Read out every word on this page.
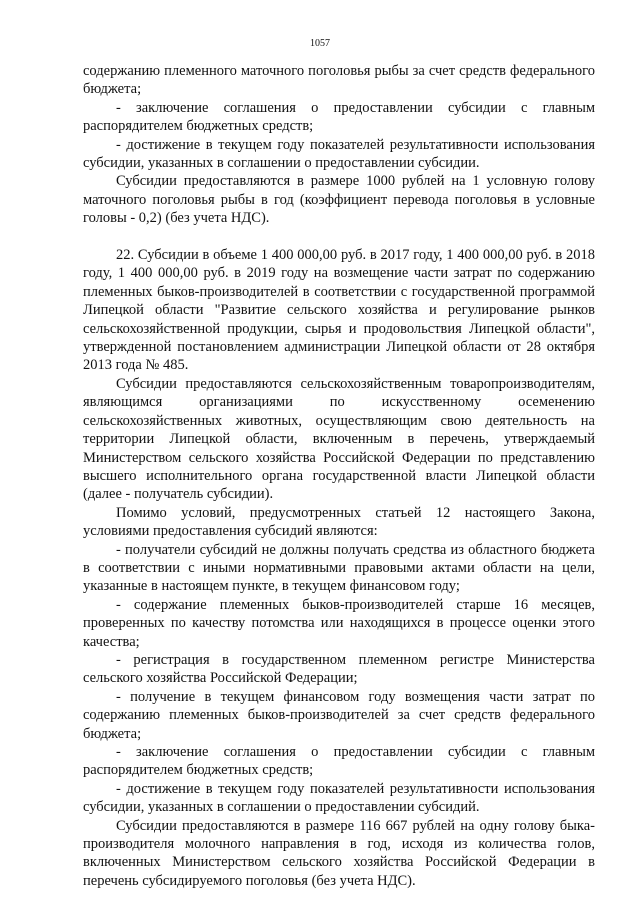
1057

содержанию племенного маточного поголовья рыбы за счет средств федерального бюджета;

- заключение соглашения о предоставлении субсидии с главным распорядителем бюджетных средств;

- достижение в текущем году показателей результативности использования субсидии, указанных в соглашении о предоставлении субсидии.

Субсидии предоставляются в размере 1000 рублей на 1 условную голову маточного поголовья рыбы в год (коэффициент перевода поголовья в условные головы - 0,2) (без учета НДС).

22. Субсидии в объеме 1 400 000,00 руб. в 2017 году, 1 400 000,00 руб. в 2018 году, 1 400 000,00 руб. в 2019 году на возмещение части затрат по содержанию племенных быков-производителей в соответствии с государственной программой Липецкой области "Развитие сельского хозяйства и регулирование рынков сельскохозяйственной продукции, сырья и продовольствия Липецкой области", утвержденной постановлением администрации Липецкой области от 28 октября 2013 года № 485.

Субсидии предоставляются сельскохозяйственным товаропроизводителям, являющимся организациями по искусственному осеменению сельскохозяйственных животных, осуществляющим свою деятельность на территории Липецкой области, включенным в перечень, утверждаемый Министерством сельского хозяйства Российской Федерации по представлению высшего исполнительного органа государственной власти Липецкой области (далее - получатель субсидии).

Помимо условий, предусмотренных статьей 12 настоящего Закона, условиями предоставления субсидий являются:

- получатели субсидий не должны получать средства из областного бюджета в соответствии с иными нормативными правовыми актами области на цели, указанные в настоящем пункте, в текущем финансовом году;

- содержание племенных быков-производителей старше 16 месяцев, проверенных по качеству потомства или находящихся в процессе оценки этого качества;

- регистрация в государственном племенном регистре Министерства сельского хозяйства Российской Федерации;

- получение в текущем финансовом году возмещения части затрат по содержанию племенных быков-производителей за счет средств федерального бюджета;

- заключение соглашения о предоставлении субсидии с главным распорядителем бюджетных средств;

- достижение в текущем году показателей результативности использования субсидии, указанных в соглашении о предоставлении субсидий.

Субсидии предоставляются в размере 116 667 рублей на одну голову быка-производителя молочного направления в год, исходя из количества голов, включенных Министерством сельского хозяйства Российской Федерации в перечень субсидируемого поголовья (без учета НДС).
